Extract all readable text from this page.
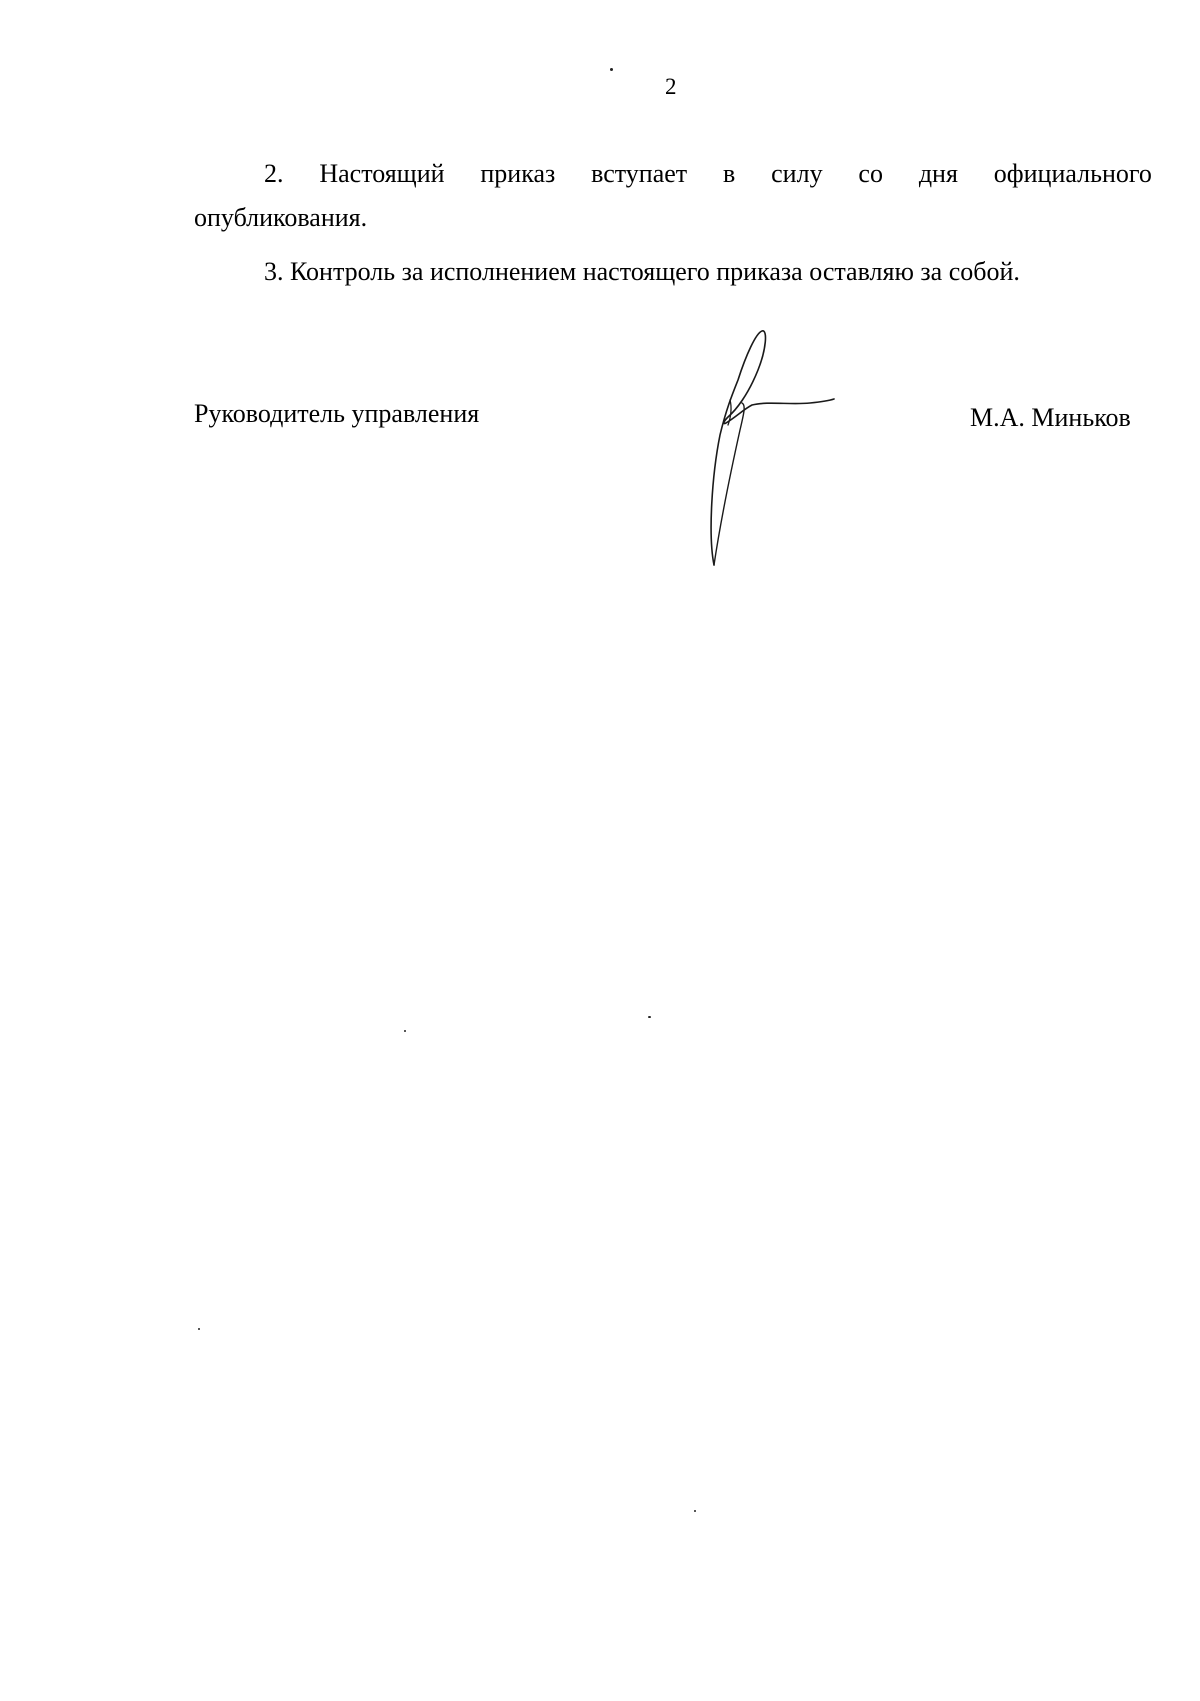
2
2. Настоящий приказ вступает в силу со дня официального
опубликования.

3. Контроль за исполнением настоящего приказа оставляю за собой.

Руководитель управления	М.А. Миньков
